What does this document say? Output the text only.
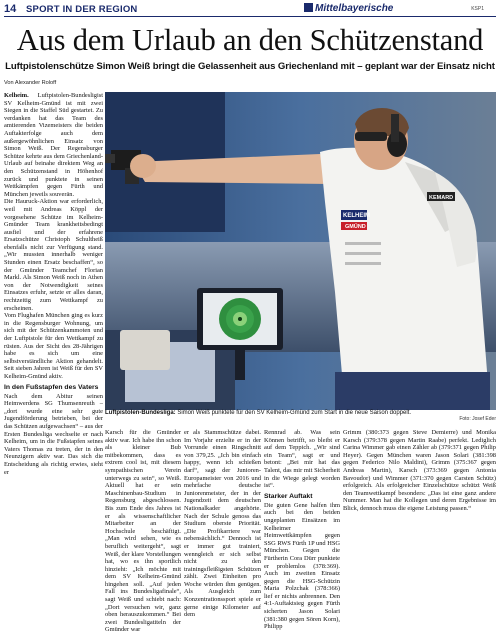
14 SPORT IN DER REGION	Mittelbayerische	KSP1
Aus dem Urlaub an den Schützenstand
Luftpistolenschütze Simon Weiß bringt die Gelassenheit aus Griechenland mit – geplant war der Einsatz nicht
Von Alexander Roloff

Kelheim. Luftpistolen-Bundesligist SV Kelheim-Gmünd ist mit zwei Siegen in die Staffel Süd gestartet. Zu verdanken hat das Team des amtierenden Vizemeisters die beiden Auftakterfolge auch dem außergewöhnlichen Einsatz von Simon Weiß. Der Regensburger Schütze kehrte aus dem Griechenland-Urlaub auf beinahe direktem Weg an den Schützenstand in Höhenhof zurück und punktete in seinen Wettkämpfen gegen Fürth und München jeweils souverän.

Die Hauruck-Aktion war erforderlich, weil mit Andreas Köppl der vorgesehene Schütze im Kelheim-Gmünder Team krankheitsbedingt ausfiel und der erfahrene Ersatzschütze Christoph Schultheiß ebenfalls nicht zur Verfügung stand. „Wir mussten innerhalb weniger Stunden einen Ersatz beschaffen“, so der Gmünder Teamchef Florian Markl. Als Simon Weiß noch in Athen von der Notwendigkeit seines Einsatzes erfuhr, setzte er alles daran, rechtzeitig zum Wettkampf zu erscheinen.

Vom Flughafen München ging es kurz in die Regensburger Wohnung, um sich mit der Schützenkammoten und der Luftpistole für den Wettkampf zu rüsten. Aus der Sicht des 28-Jährigen habe es sich um eine selbstverständliche Aktion gehandelt. Seit sieben Jahren ist Weiß für den SV Kelheim-Gmünd aktiv.

In den Fußstapfen des Vaters

Nach dem Abitur seinen Heimwerdens SG Thumsenreuth – „dort wurde eine sehr gute Jugendförderung betrieben, bei der das Schützen aufgewachsen“ – aus der Ersten Bundesliga wechselte er nach Kelheim, um in die Fußstapfen seines Vaters Thomas zu treten, der in den Neunzigern aktiv war. Das sich die Entscheidung als richtig erwies, sieht er

KELHEIM
GMÜND
KEMARD
Luftpistolen-Bundesliga: Simon Weiß punktete für den SV Kelheim-Gmünd zum Start in die neue Saison doppelt.
Foto: Josef Eder

Karsch für die Gmünder aktiv war. Ich habe ihn schon als kleiner Bub mitbekommen, dass es extrem cool ist, mit diesem sympathischen Verein unterwegs zu sein“, so Weiß. Aktuell hat er sein Maschinenbau-Studium in Regensburg abgeschlossen. Bis zum Ende des Jahres ist er als wissenschaftlicher Mitarbeiter an der Hochschule beschäftigt. „Man wird sehen, wie es beruflich weitergeht“, sagt Weiß, der klare Vorstellungen hat, wo es ihn sportlich hinzieht: „Ich möchte mit dem SV Kelheim-Gmünd hingehen soll. „Auf jeden Fall ins Bundesligafinale“, sagt Weiß und schiebt nach: „Dort versuchen wir, ganz oben herauszukommen.“ Bei zwei Bundesligatiteln der Gmünder war

er als Stammschütze dabei. Im Vorjahr erzielte er in der Vorrunde einen Ringschnitt von 379,25. „Ich bin einfach happy, wenn ich schießen darf“, sagt der Junioren-Europameister von 2016 und mehrfache deutsche Juniorenmeister, der in der Jugendzeit dem deutschen Nationalkader angehörte. Nach der Schule genoss das Studium oberste Priorität. „Die Profikarriere war nebensächlich.“ Dennoch ist er immer gut trainiert, wenngleich er sich selbst nicht zu den trainingsfleißigsten Schützen zählt. Zwei Einheiten pro Woche würden ihm genügen. Als Ausgleich zum Konzentrationssport spiele er gerne einige Kilometer auf dem

Rennrad ab. Was sein Können betrifft, so bleibt er auf dem Teppich. „Wir sind ein Team“, sagt er und betont: „Bei mir hat das Talent, das mir mit Sicherheit in die Wiege gelegt worden ist“.

Starker Auftakt

Die guten Gene halfen ihm auch bei den beiden ungeplanten Einsätzen im Kelheimer Heimwettkämpfen gegen SSG RWS Fürth 1P und HSG München. Gegen die Fürtherin Cora Dürr punktete er problemlos (378:369). Auch im zweiten Einsatz gegen die HSG-Schützin Maria Polzchak (378:366) lief er nichts anbrennen. Den 4:1-Auftaktsieg gegen Fürth sicherten Jason Solari (381:380 gegen Sören Korn), Philipp

Grimm (380:373 gegen Steve Demierre) und Monika Karsch (379:378 gegen Martin Raabe) perfekt. Lediglich Carina Wimmer gab einen Zähler ab (379:371 gegen Philip Heyer). Gegen München waren Jason Solari (381:398 gegen Federico Nilo Maldini), Grimm (375:367 gegen Andreas Martin), Karsch (373:369 gegen Antonia Bavoudor) und Wimmer (371:370 gegen Carsten Schütz) erfolgreich. Als erfolgreicher Einzelschütze schützt Weiß den Teamwettkampf besonders: „Das ist eine ganz andere Nummer. Man hat die Kollegen und deren Ergebnisse im Blick, dennoch muss die eigene Leistung passen.“
